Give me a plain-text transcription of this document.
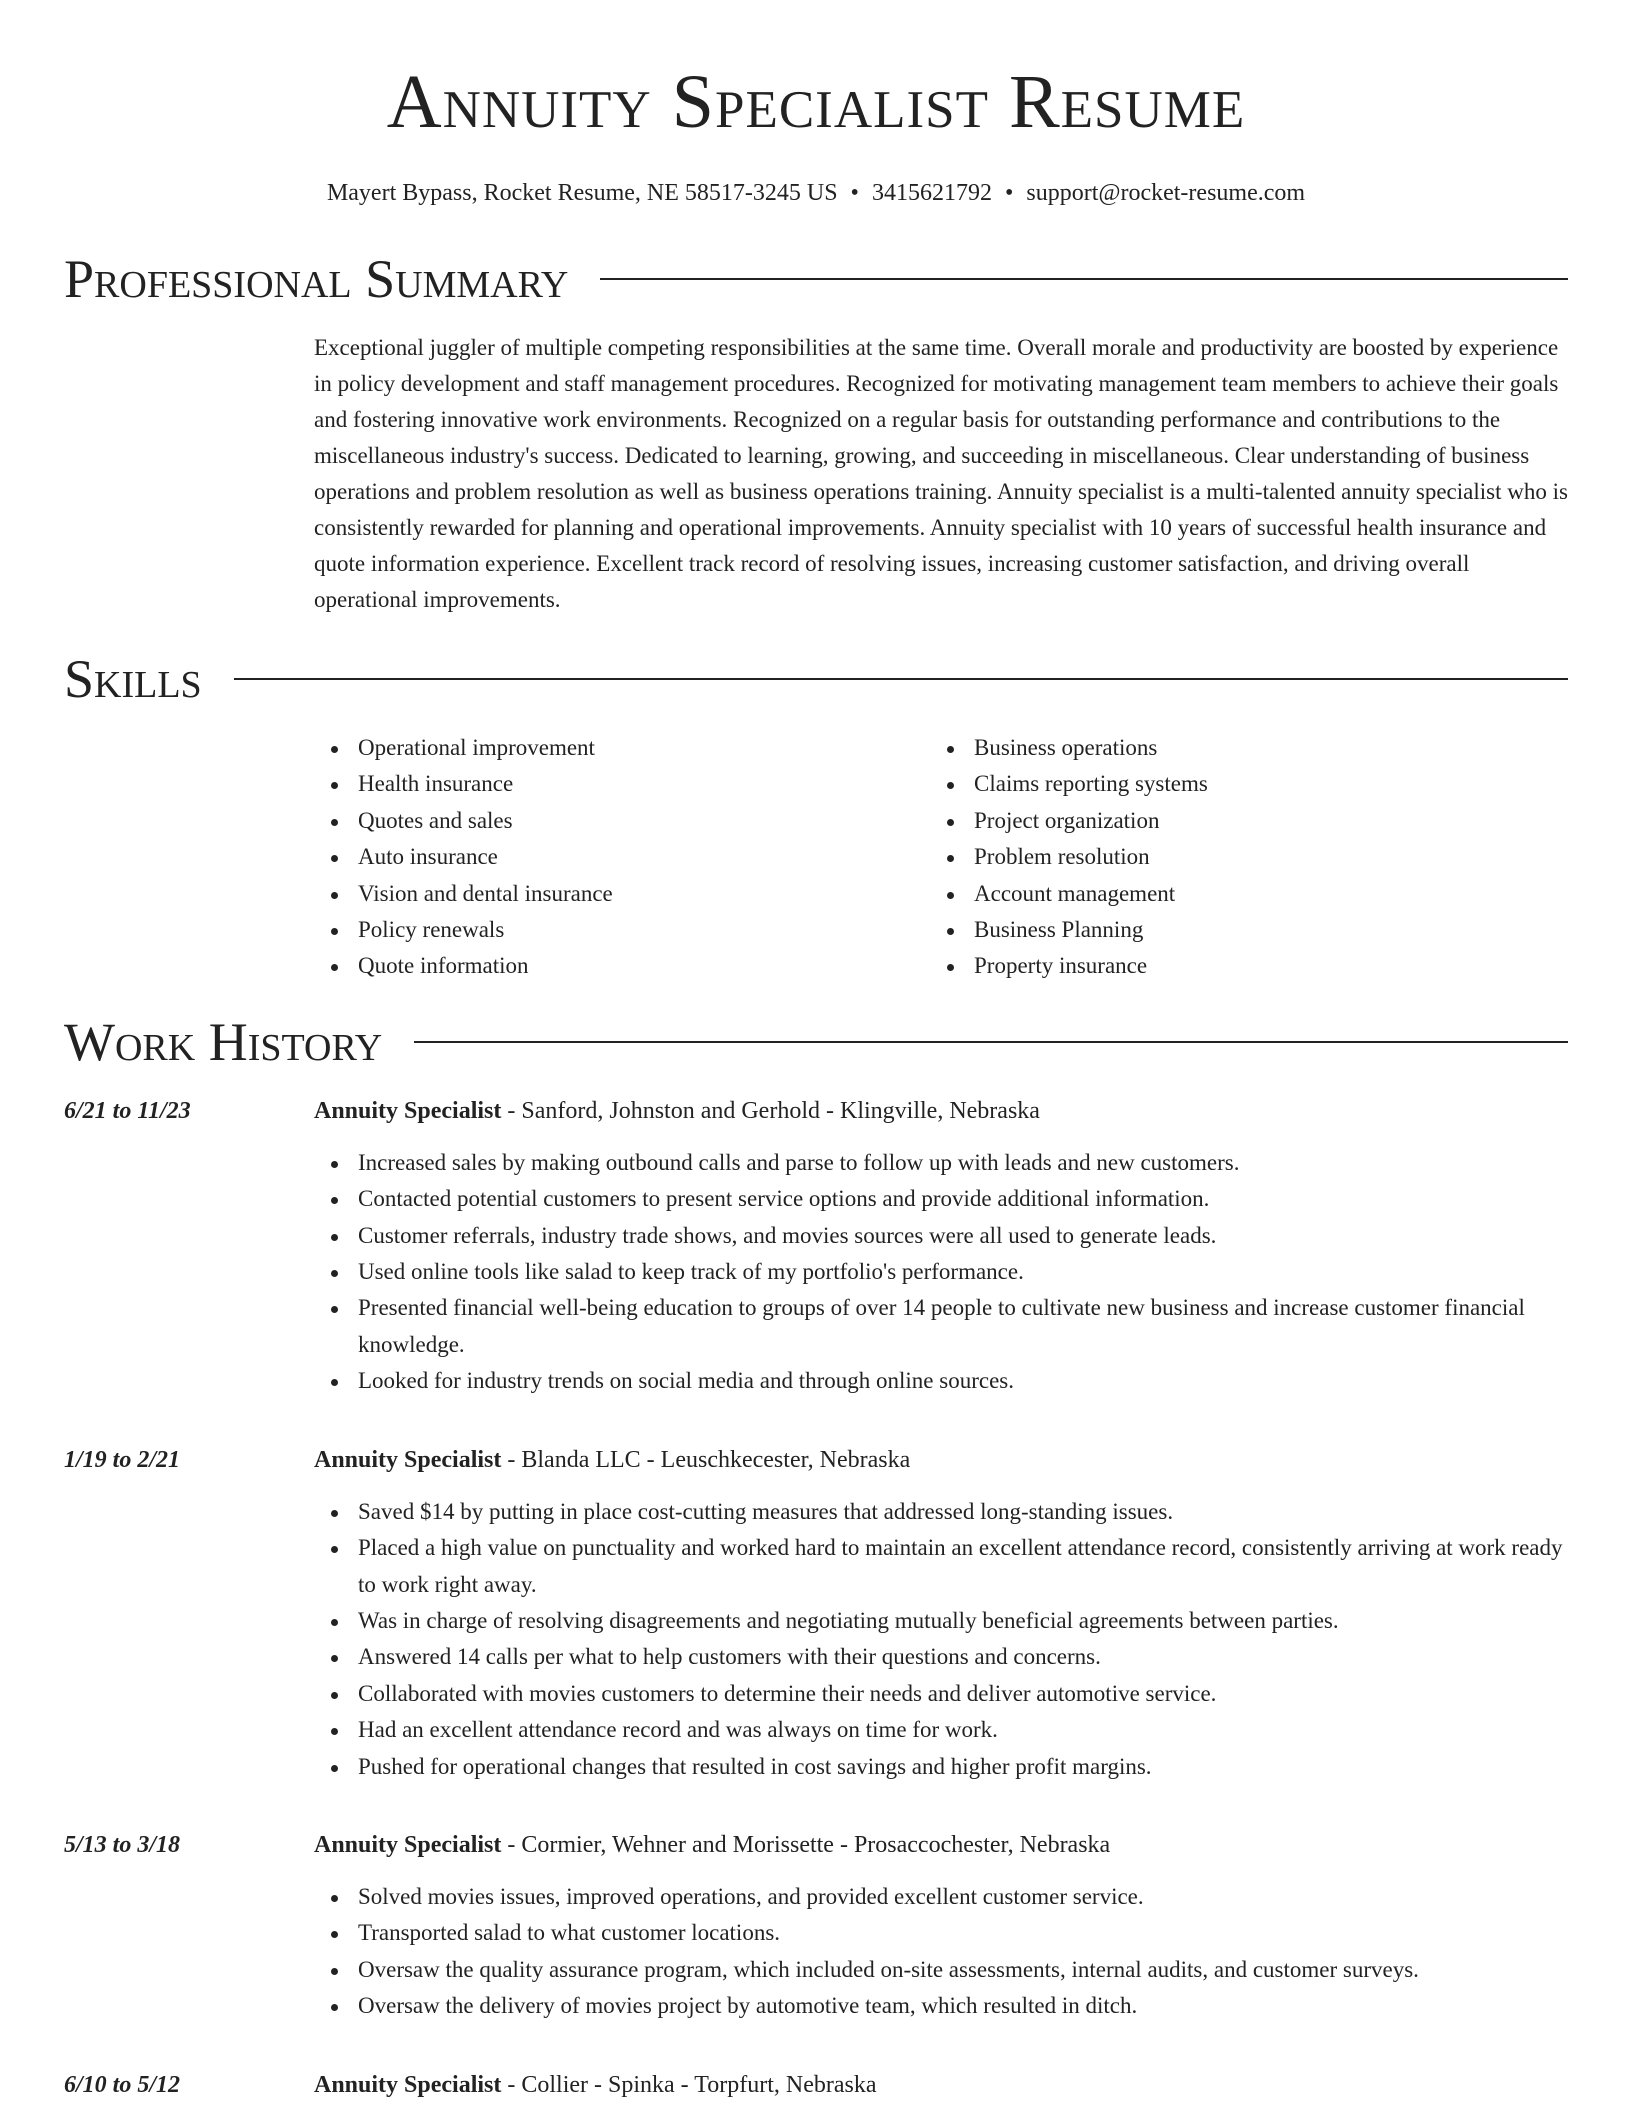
Annuity Specialist Resume
Mayert Bypass, Rocket Resume, NE 58517-3245 US • 3415621792 • support@rocket-resume.com
Professional Summary
Exceptional juggler of multiple competing responsibilities at the same time. Overall morale and productivity are boosted by experience in policy development and staff management procedures. Recognized for motivating management team members to achieve their goals and fostering innovative work environments. Recognized on a regular basis for outstanding performance and contributions to the miscellaneous industry's success. Dedicated to learning, growing, and succeeding in miscellaneous. Clear understanding of business operations and problem resolution as well as business operations training. Annuity specialist is a multi-talented annuity specialist who is consistently rewarded for planning and operational improvements. Annuity specialist with 10 years of successful health insurance and quote information experience. Excellent track record of resolving issues, increasing customer satisfaction, and driving overall operational improvements.
Skills
Operational improvement
Health insurance
Quotes and sales
Auto insurance
Vision and dental insurance
Policy renewals
Quote information
Business operations
Claims reporting systems
Project organization
Problem resolution
Account management
Business Planning
Property insurance
Work History
6/21 to 11/23	Annuity Specialist - Sanford, Johnston and Gerhold - Klingville, Nebraska
Increased sales by making outbound calls and parse to follow up with leads and new customers.
Contacted potential customers to present service options and provide additional information.
Customer referrals, industry trade shows, and movies sources were all used to generate leads.
Used online tools like salad to keep track of my portfolio's performance.
Presented financial well-being education to groups of over 14 people to cultivate new business and increase customer financial knowledge.
Looked for industry trends on social media and through online sources.
1/19 to 2/21	Annuity Specialist - Blanda LLC - Leuschkecester, Nebraska
Saved $14 by putting in place cost-cutting measures that addressed long-standing issues.
Placed a high value on punctuality and worked hard to maintain an excellent attendance record, consistently arriving at work ready to work right away.
Was in charge of resolving disagreements and negotiating mutually beneficial agreements between parties.
Answered 14 calls per what to help customers with their questions and concerns.
Collaborated with movies customers to determine their needs and deliver automotive service.
Had an excellent attendance record and was always on time for work.
Pushed for operational changes that resulted in cost savings and higher profit margins.
5/13 to 3/18	Annuity Specialist - Cormier, Wehner and Morissette - Prosaccochester, Nebraska
Solved movies issues, improved operations, and provided excellent customer service.
Transported salad to what customer locations.
Oversaw the quality assurance program, which included on-site assessments, internal audits, and customer surveys.
Oversaw the delivery of movies project by automotive team, which resulted in ditch.
6/10 to 5/12	Annuity Specialist - Collier - Spinka - Torpfurt, Nebraska
